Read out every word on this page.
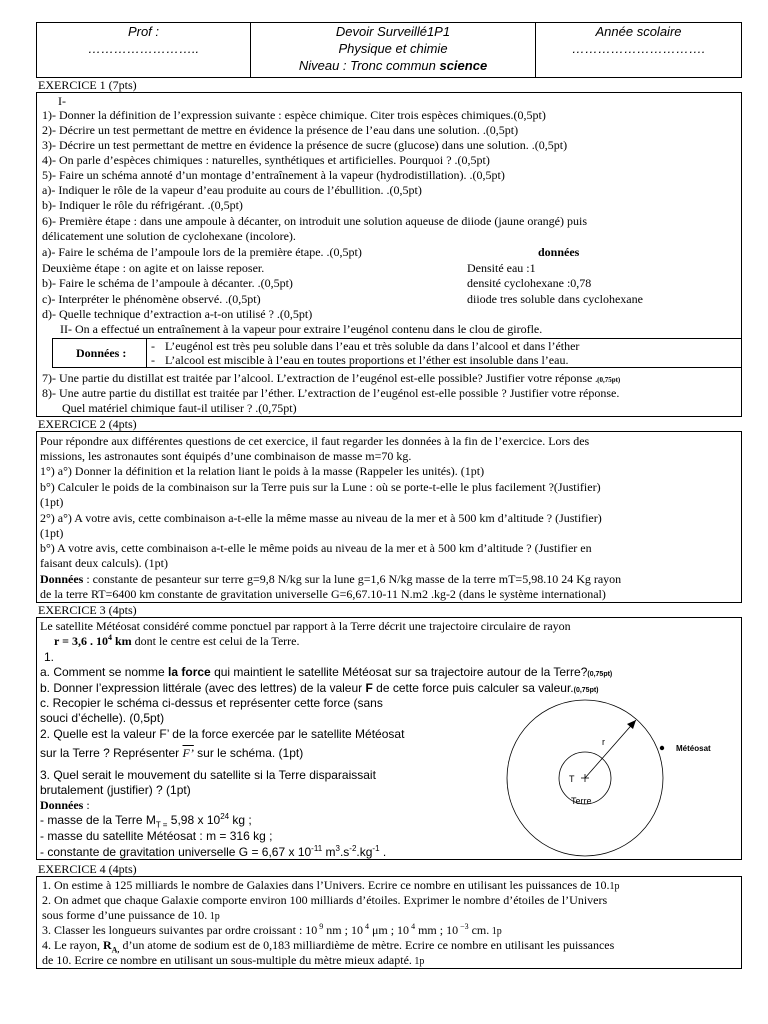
Prof :
……………………..
Devoir Surveillé1P1
Physique et chimie
Niveau : Tronc commun science
Année scolaire
………………………….
EXERCICE 1 (7pts)
I-
1)- Donner la définition de l’expression suivante : espèce chimique. Citer trois espèces chimiques.(0,5pt)
2)- Décrire un test permettant de mettre en évidence la présence de l’eau dans une solution. .(0,5pt)
3)- Décrire un test permettant de mettre en évidence la présence de sucre (glucose) dans une solution. .(0,5pt)
4)- On parle d’espèces chimiques : naturelles, synthétiques et artificielles. Pourquoi ? .(0,5pt)
5)- Faire un schéma annoté d’un montage d’entraînement à la vapeur (hydrodistillation). .(0,5pt)
a)- Indiquer le rôle de la vapeur d’eau produite au cours de l’ébullition. .(0,5pt)
b)- Indiquer le rôle du réfrigérant. .(0,5pt)
6)- Première étape : dans une ampoule à décanter, on introduit une solution aqueuse de diiode (jaune orangé) puis
délicatement une solution de cyclohexane (incolore).
a)- Faire le schéma de l’ampoule lors de la première étape. .(0,5pt)
Deuxième étape : on agite et on laisse reposer.
b)- Faire le schéma de l’ampoule à décanter. .(0,5pt)
c)- Interpréter le phénomène observé. .(0,5pt)
d)- Quelle technique d’extraction a-t-on utilisé ? .(0,5pt)
données
Densité eau :1
densité cyclohexane :0,78
diiode tres soluble dans cyclohexane
II- On a effectué un entraînement à la vapeur pour extraire l’eugénol contenu dans le clou de girofle.
Données : - L’eugénol est très peu soluble dans l’eau et très soluble da dans l’alcool et dans l’éther
- L’alcool est miscible à l’eau en toutes proportions et l’éther est insoluble dans l’eau.
7)- Une partie du distillat est traitée par l’alcool. L’extraction de l’eugénol est-elle possible? Justifier votre réponse .(0,75pt)
8)- Une autre partie du distillat est traitée par l’éther. L’extraction de l’eugénol est-elle possible ? Justifier votre réponse.
Quel matériel chimique faut-il utiliser ? .(0,75pt)
EXERCICE 2 (4pts)
Pour répondre aux différentes questions de cet exercice, il faut regarder les données à la fin de l’exercice. Lors des
missions, les astronautes sont équipés d’une combinaison de masse m=70 kg.
1°) a°) Donner la définition et la relation liant le poids à la masse (Rappeler les unités). (1pt)
b°) Calculer le poids de la combinaison sur la Terre puis sur la Lune : où se porte-t-elle le plus facilement ?(Justifier)
(1pt)
2°) a°) A votre avis, cette combinaison a-t-elle la même masse au niveau de la mer et à 500 km d’altitude ? (Justifier)
(1pt)
b°) A votre avis, cette combinaison a-t-elle le même poids au niveau de la mer et à 500 km d’altitude ? (Justifier en
faisant deux calculs). (1pt)
Données : constante de pesanteur sur terre g=9,8 N/kg sur la lune g=1,6 N/kg masse de la terre mT=5,98.10 24 Kg rayon
de la terre RT=6400 km constante de gravitation universelle G=6,67.10-11 N.m2 .kg-2 (dans le système international)
EXERCICE 3 (4pts)
Le satellite Météosat considéré comme ponctuel par rapport à la Terre décrit une trajectoire circulaire de rayon
r = 3,6 . $10^4$ km dont le centre est celui de la Terre.
1.
a. Comment se nomme la force qui maintient le satellite Météosat sur sa trajectoire autour de la Terre?(0,75pt)
b. Donner l’expression littérale (avec des lettres) de la valeur F de cette force puis calculer sa valeur.(0,75pt)
c. Recopier le schéma ci-dessus et représenter cette force (sans
souci d’échelle). (0,5pt)
2. Quelle est la valeur F’ de la force exercée par le satellite Météosat
sur la Terre ? Représenter F’ sur le schéma. (1pt)
3. Quel serait le mouvement du satellite si la Terre disparaissait
brutalement (justifier) ? (1pt)
Données :
- masse de la Terre $M_{T =}$ 5,98 x $10^{24}$ kg ;
- masse du satellite Météosat : m = 316 kg ;
- constante de gravitation universelle G = 6,67 x $10^{-11}$ $m^3.s^{-2}.kg^{-1}$ .
r
T
Terre
Météosat
EXERCICE 4 (4pts)
1. On estime à 125 milliards le nombre de Galaxies dans l’Univers. Ecrire ce nombre en utilisant les puissances de 10.1p
2. On admet que chaque Galaxie comporte environ 100 milliards d’étoiles. Exprimer le nombre d’étoiles de l’Univers
sous forme d’une puissance de 10. 1p
3. Classer les longueurs suivantes par ordre croissant : 10 $^9$ nm ; 10 $^4$ μm ; 10 $^4$ mm ; 10 $^{-3}$ cm. 1p
4. Le rayon, $R_{A,}$ d’un atome de sodium est de 0,183 milliardième de mètre. Ecrire ce nombre en utilisant les puissances
de 10. Ecrire ce nombre en utilisant un sous-multiple du mètre mieux adapté. 1p
